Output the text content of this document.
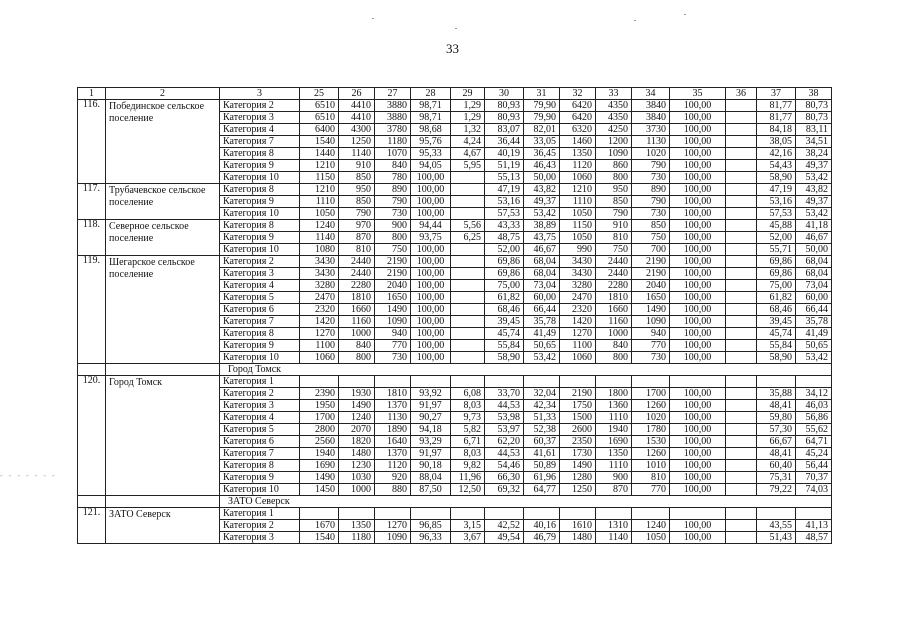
33
- - - - - - -
1	2	3	25	26	27	28	29	30	31	32	33	34	35	36	37	38
116.	Побединское сельское поселение	Категория 2	6510	4410	3880	98,71	1,29	80,93	79,90	6420	4350	3840	100,00		81,77	80,73
		Категория 3	6510	4410	3880	98,71	1,29	80,93	79,90	6420	4350	3840	100,00		81,77	80,73
		Категория 4	6400	4300	3780	98,68	1,32	83,07	82,01	6320	4250	3730	100,00		84,18	83,11
		Категория 7	1540	1250	1180	95,76	4,24	36,44	33,05	1460	1200	1130	100,00		38,05	34,51
		Категория 8	1440	1140	1070	95,33	4,67	40,19	36,45	1350	1090	1020	100,00		42,16	38,24
		Категория 9	1210	910	840	94,05	5,95	51,19	46,43	1120	860	790	100,00		54,43	49,37
		Категория 10	1150	850	780	100,00		55,13	50,00	1060	800	730	100,00		58,90	53,42
117.	Трубачевское сельское поселение	Категория 8	1210	950	890	100,00		47,19	43,82	1210	950	890	100,00		47,19	43,82
		Категория 9	1110	850	790	100,00		53,16	49,37	1110	850	790	100,00		53,16	49,37
		Категория 10	1050	790	730	100,00		57,53	53,42	1050	790	730	100,00		57,53	53,42
118.	Северное сельское поселение	Категория 8	1240	970	900	94,44	5,56	43,33	38,89	1150	910	850	100,00		45,88	41,18
		Категория 9	1140	870	800	93,75	6,25	48,75	43,75	1050	810	750	100,00		52,00	46,67
		Категория 10	1080	810	750	100,00		52,00	46,67	990	750	700	100,00		55,71	50,00
119.	Шегарское сельское поселение	Категория 2	3430	2440	2190	100,00		69,86	68,04	3430	2440	2190	100,00		69,86	68,04
		Категория 3	3430	2440	2190	100,00		69,86	68,04	3430	2440	2190	100,00		69,86	68,04
		Категория 4	3280	2280	2040	100,00		75,00	73,04	3280	2280	2040	100,00		75,00	73,04
		Категория 5	2470	1810	1650	100,00		61,82	60,00	2470	1810	1650	100,00		61,82	60,00
		Категория 6	2320	1660	1490	100,00		68,46	66,44	2320	1660	1490	100,00		68,46	66,44
		Категория 7	1420	1160	1090	100,00		39,45	35,78	1420	1160	1090	100,00		39,45	35,78
		Категория 8	1270	1000	940	100,00		45,74	41,49	1270	1000	940	100,00		45,74	41,49
		Категория 9	1100	840	770	100,00		55,84	50,65	1100	840	770	100,00		55,84	50,65
		Категория 10	1060	800	730	100,00		58,90	53,42	1060	800	730	100,00		58,90	53,42
		Город Томск														
120.	Город Томск	Категория 1														
		Категория 2	2390	1930	1810	93,92	6,08	33,70	32,04	2190	1800	1700	100,00		35,88	34,12
		Категория 3	1950	1490	1370	91,97	8,03	44,53	42,34	1750	1360	1260	100,00		48,41	46,03
		Категория 4	1700	1240	1130	90,27	9,73	53,98	51,33	1500	1110	1020	100,00		59,80	56,86
		Категория 5	2800	2070	1890	94,18	5,82	53,97	52,38	2600	1940	1780	100,00		57,30	55,62
		Категория 6	2560	1820	1640	93,29	6,71	62,20	60,37	2350	1690	1530	100,00		66,67	64,71
		Категория 7	1940	1480	1370	91,97	8,03	44,53	41,61	1730	1350	1260	100,00		48,41	45,24
		Категория 8	1690	1230	1120	90,18	9,82	54,46	50,89	1490	1110	1010	100,00		60,40	56,44
		Категория 9	1490	1030	920	88,04	11,96	66,30	61,96	1280	900	810	100,00		75,31	70,37
		Категория 10	1450	1000	880	87,50	12,50	69,32	64,77	1250	870	770	100,00		79,22	74,03
		ЗАТО Северск														
121.	ЗАТО Северск	Категория 1														
		Категория 2	1670	1350	1270	96,85	3,15	42,52	40,16	1610	1310	1240	100,00		43,55	41,13
		Категория 3	1540	1180	1090	96,33	3,67	49,54	46,79	1480	1140	1050	100,00		51,43	48,57
